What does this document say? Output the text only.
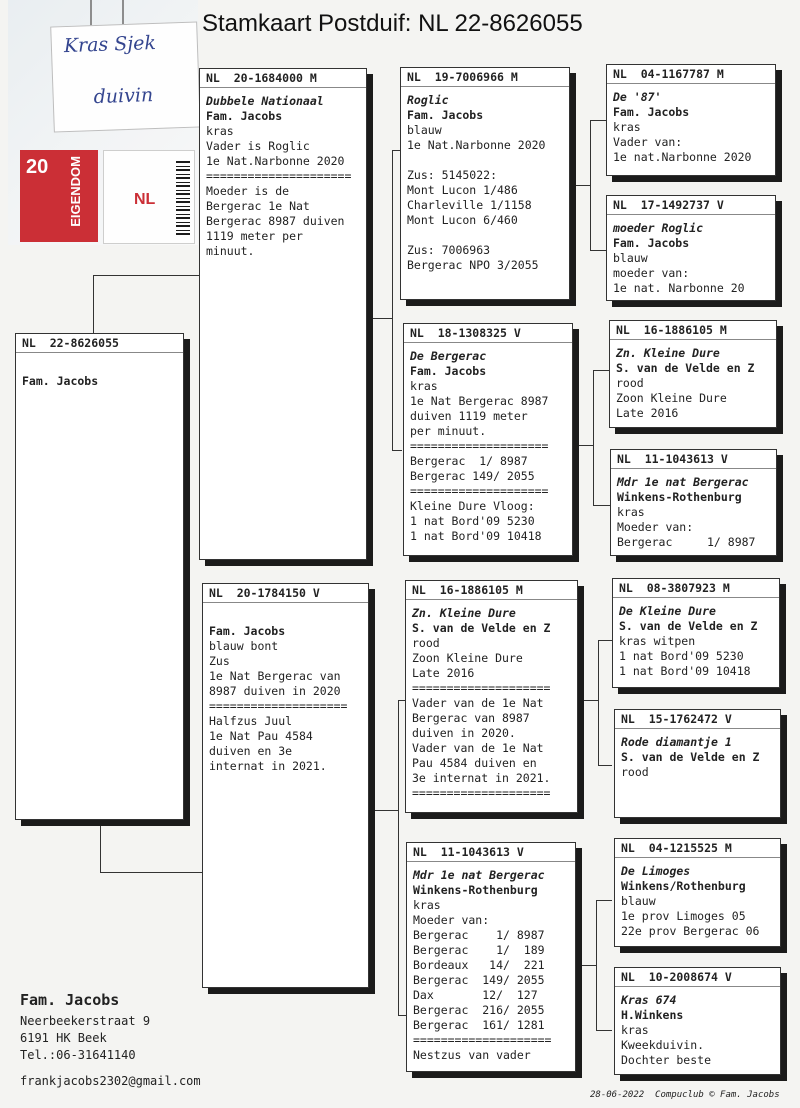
Kras Sjek
duivin
20 EIGENDOM	NL
Stamkaart Postduif: NL 22-8626055
NL  22-8626055
Fam. Jacobs
NL  20-1684000 M
Dubbele Nationaal
Fam. Jacobs
kras
Vader is Roglic
1e Nat.Narbonne 2020
=====================
Moeder is de
Bergerac 1e Nat
Bergerac 8987 duiven
1119 meter per
minuut.
NL  20-1784150 V
Fam. Jacobs
blauw bont
Zus
1e Nat Bergerac van
8987 duiven in 2020
====================
Halfzus Juul
1e Nat Pau 4584
duiven en 3e
internat in 2021.
NL  19-7006966 M
Roglic
Fam. Jacobs
blauw
1e Nat.Narbonne 2020
Zus: 5145022:
Mont Lucon 1/486
Charleville 1/1158
Mont Lucon 6/460
Zus: 7006963
Bergerac NPO 3/2055
NL  18-1308325 V
De Bergerac
Fam. Jacobs
kras
1e Nat Bergerac 8987
duiven 1119 meter
per minuut.
====================
Bergerac  1/ 8987
Bergerac 149/ 2055
====================
Kleine Dure Vloog:
1 nat Bord'09 5230
1 nat Bord'09 10418
NL  16-1886105 M
Zn. Kleine Dure
S. van de Velde en Z
rood
Zoon Kleine Dure
Late 2016
====================
Vader van de 1e Nat
Bergerac van 8987
duiven in 2020.
Vader van de 1e Nat
Pau 4584 duiven en
3e internat in 2021.
====================
NL  11-1043613 V
Mdr 1e nat Bergerac
Winkens-Rothenburg
kras
Moeder van:
Bergerac    1/ 8987
Bergerac    1/  189
Bordeaux   14/  221
Bergerac  149/ 2055
Dax       12/  127
Bergerac  216/ 2055
Bergerac  161/ 1281
====================
Nestzus van vader
NL  04-1167787 M
De '87'
Fam. Jacobs
kras
Vader van:
1e nat.Narbonne 2020
NL  17-1492737 V
moeder Roglic
Fam. Jacobs
blauw
moeder van:
1e nat. Narbonne 20
NL  16-1886105 M
Zn. Kleine Dure
S. van de Velde en Z
rood
Zoon Kleine Dure
Late 2016
NL  11-1043613 V
Mdr 1e nat Bergerac
Winkens-Rothenburg
kras
Moeder van:
Bergerac     1/ 8987
NL  08-3807923 M
De Kleine Dure
S. van de Velde en Z
kras witpen
1 nat Bord'09 5230
1 nat Bord'09 10418
NL  15-1762472 V
Rode diamantje 1
S. van de Velde en Z
rood
NL  04-1215525 M
De Limoges
Winkens/Rothenburg
blauw
1e prov Limoges 05
22e prov Bergerac 06
NL  10-2008674 V
Kras 674
H.Winkens
kras
Kweekduivin.
Dochter beste
Fam. Jacobs
Neerbeekerstraat 9
6191 HK Beek
Tel.:06-31641140
frankjacobs2302@gmail.com
28-06-2022  Compuclub © Fam. Jacobs
